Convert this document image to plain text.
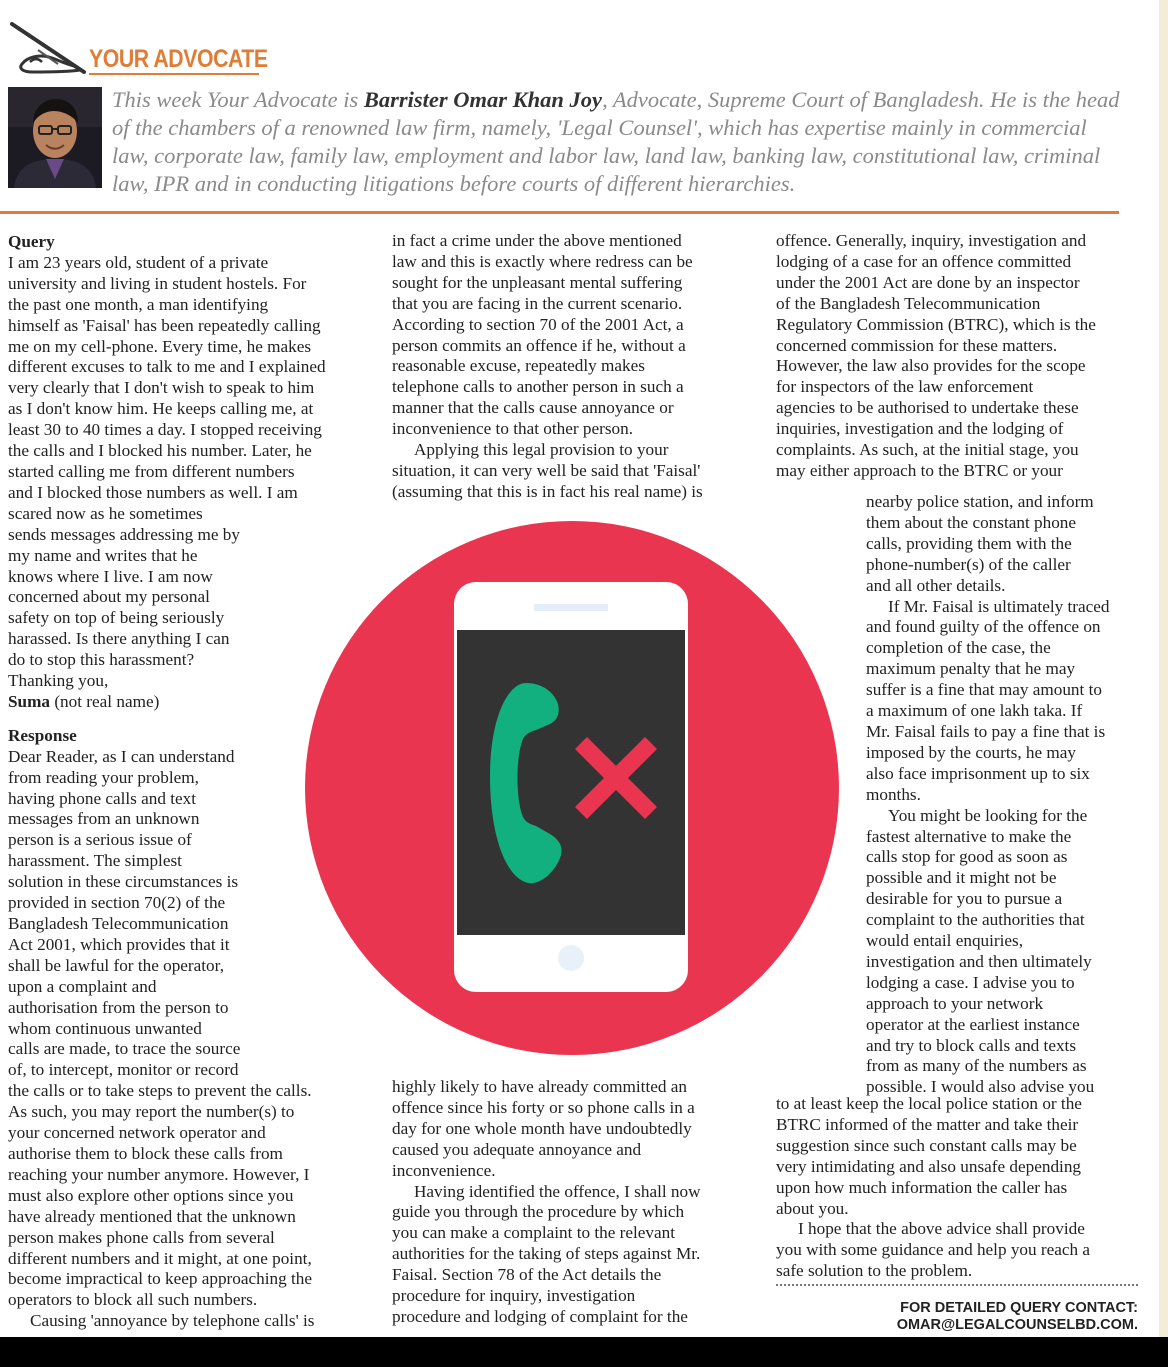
YOUR ADVOCATE

This week Your Advocate is Barrister Omar Khan Joy, Advocate, Supreme Court of Bangladesh. He is the head of the chambers of a renowned law firm, namely, 'Legal Counsel', which has expertise mainly in commercial law, corporate law, family law, employment and labor law, land law, banking law, constitutional law, criminal law, IPR and in conducting litigations before courts of different hierarchies.

Query

I am 23 years old, student of a private

university and living in student hostels. For

the past one month, a man identifying

himself as 'Faisal' has been repeatedly calling

me on my cell-phone. Every time, he makes

different excuses to talk to me and I explained

very clearly that I don't wish to speak to him

as I don't know him. He keeps calling me, at

least 30 to 40 times a day. I stopped receiving

the calls and I blocked his number. Later, he

started calling me from different numbers

and I blocked those numbers as well. I am

scared now as he sometimes

sends messages addressing me by

my name and writes that he

knows where I live. I am now

concerned about my personal

safety on top of being seriously

harassed. Is there anything I can

do to stop this harassment?

Thanking you,

Suma (not real name)

Response

Dear Reader, as I can understand

from reading your problem,

having phone calls and text

messages from an unknown

person is a serious issue of

harassment. The simplest

solution in these circumstances is

provided in section 70(2) of the

Bangladesh Telecommunication

Act 2001, which provides that it

shall be lawful for the operator,

upon a complaint and

authorisation from the person to

whom continuous unwanted

calls are made, to trace the source

of, to intercept, monitor or record

the calls or to take steps to prevent the calls.

As such, you may report the number(s) to

your concerned network operator and

authorise them to block these calls from

reaching your number anymore. However, I

must also explore other options since you

have already mentioned that the unknown

person makes phone calls from several

different numbers and it might, at one point,

become impractical to keep approaching the

operators to block all such numbers.

Causing 'annoyance by telephone calls' is

in fact a crime under the above mentioned

law and this is exactly where redress can be

sought for the unpleasant mental suffering

that you are facing in the current scenario.

According to section 70 of the 2001 Act, a

person commits an offence if he, without a

reasonable excuse, repeatedly makes

telephone calls to another person in such a

manner that the calls cause annoyance or

inconvenience to that other person.

Applying this legal provision to your

situation, it can very well be said that 'Faisal'

(assuming that this is in fact his real name) is

highly likely to have already committed an

offence since his forty or so phone calls in a

day for one whole month have undoubtedly

caused you adequate annoyance and

inconvenience.

Having identified the offence, I shall now

guide you through the procedure by which

you can make a complaint to the relevant

authorities for the taking of steps against Mr.

Faisal. Section 78 of the Act details the

procedure for inquiry, investigation

procedure and lodging of complaint for the

offence. Generally, inquiry, investigation and

lodging of a case for an offence committed

under the 2001 Act are done by an inspector

of the Bangladesh Telecommunication

Regulatory Commission (BTRC), which is the

concerned commission for these matters.

However, the law also provides for the scope

for inspectors of the law enforcement

agencies to be authorised to undertake these

inquiries, investigation and the lodging of

complaints. As such, at the initial stage, you

may either approach to the BTRC or your

nearby police station, and inform

them about the constant phone

calls, providing them with the

phone-number(s) of the caller

and all other details.

If Mr. Faisal is ultimately traced

and found guilty of the offence on

completion of the case, the

maximum penalty that he may

suffer is a fine that may amount to

a maximum of one lakh taka. If

Mr. Faisal fails to pay a fine that is

imposed by the courts, he may

also face imprisonment up to six

months.

You might be looking for the

fastest alternative to make the

calls stop for good as soon as

possible and it might not be

desirable for you to pursue a

complaint to the authorities that

would entail enquiries,

investigation and then ultimately

lodging a case. I advise you to

approach to your network

operator at the earliest instance

and try to block calls and texts

from as many of the numbers as

possible. I would also advise you

to at least keep the local police station or the

BTRC informed of the matter and take their

suggestion since such constant calls may be

very intimidating and also unsafe depending

upon how much information the caller has

about you.

I hope that the above advice shall provide

you with some guidance and help you reach a

safe solution to the problem.

FOR DETAILED QUERY CONTACT:
OMAR@LEGALCOUNSELBD.COM.
